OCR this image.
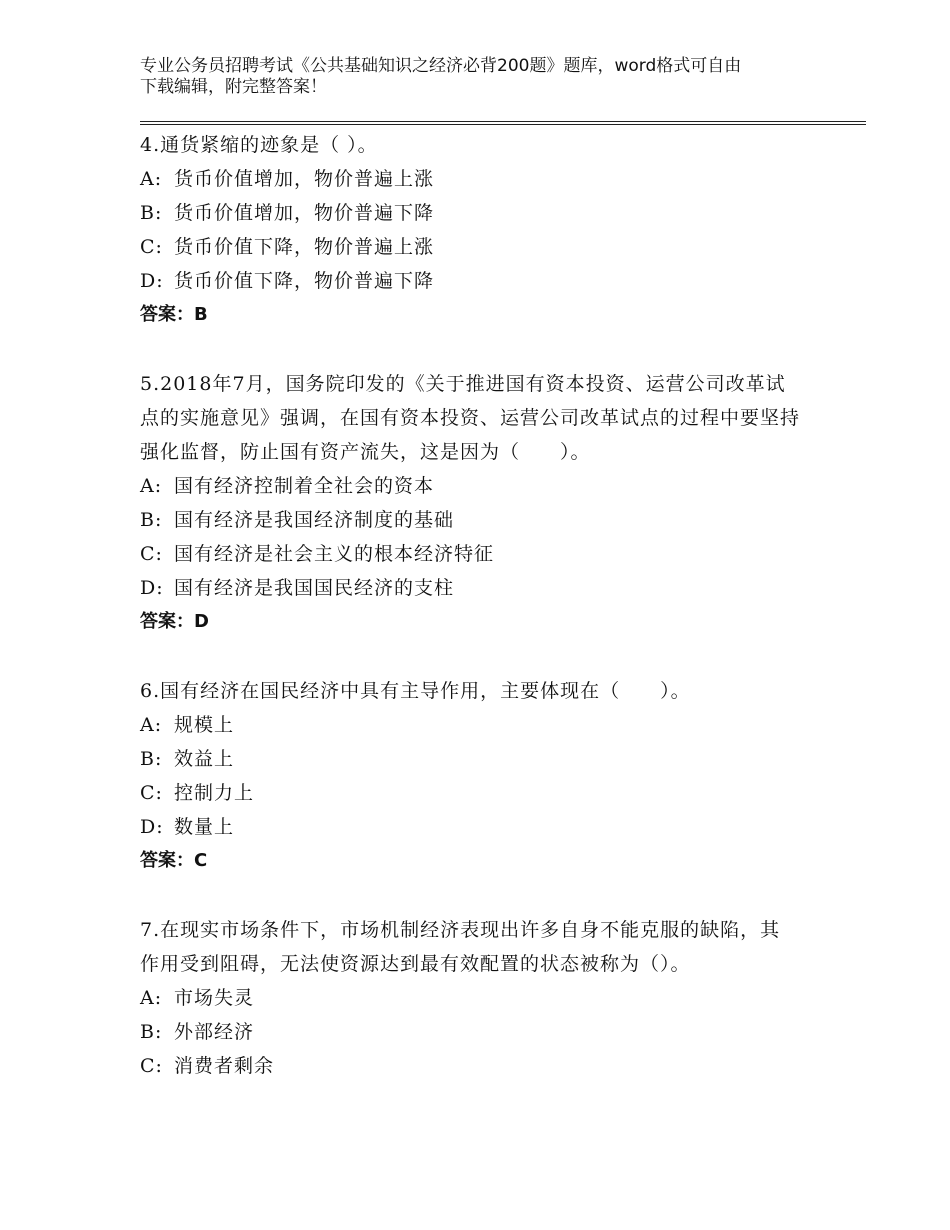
专业公务员招聘考试《公共基础知识之经济必背200题》题库，word格式可自由
下载编辑，附完整答案！
4.通货紧缩的迹象是（ ）。
A: 货币价值增加，物价普遍上涨
B: 货币价值增加，物价普遍下降
C: 货币价值下降，物价普遍上涨
D: 货币价值下降，物价普遍下降
答案：B
5.2018年7月，国务院印发的《关于推进国有资本投资、运营公司改革试点的实施意见》强调，在国有资本投资、运营公司改革试点的过程中要坚持强化监督，防止国有资产流失，这是因为（　　）。
A: 国有经济控制着全社会的资本
B: 国有经济是我国经济制度的基础
C: 国有经济是社会主义的根本经济特征
D: 国有经济是我国国民经济的支柱
答案：D
6.国有经济在国民经济中具有主导作用，主要体现在（　　）。
A: 规模上
B: 效益上
C: 控制力上
D: 数量上
答案：C
7.在现实市场条件下，市场机制经济表现出许多自身不能克服的缺陷，其作用受到阻碍，无法使资源达到最有效配置的状态被称为（）。
A: 市场失灵
B: 外部经济
C: 消费者剩余
